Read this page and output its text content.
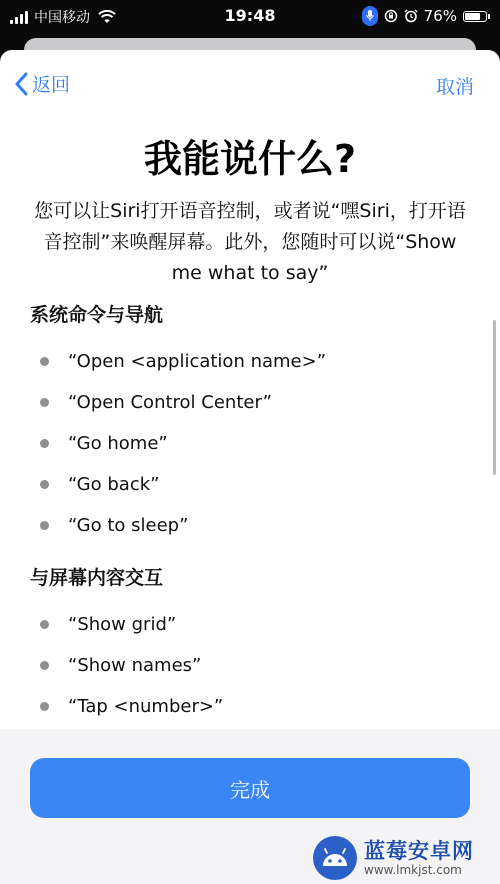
中国移动	19:48	76%
返回	取消
我能说什么?

您可以让Siri打开语音控制，或者说“嘿Siri，打开语音控制”来唤醒屏幕。此外，您随时可以说“Show me what to say”

系统命令与导航
“Open <application name>”
“Open Control Center”
“Go home”
“Go back”
“Go to sleep”
与屏幕内容交互
“Show grid”
“Show names”
“Tap <number>”
完成
蓝莓安卓网
www.lmkjst.com
